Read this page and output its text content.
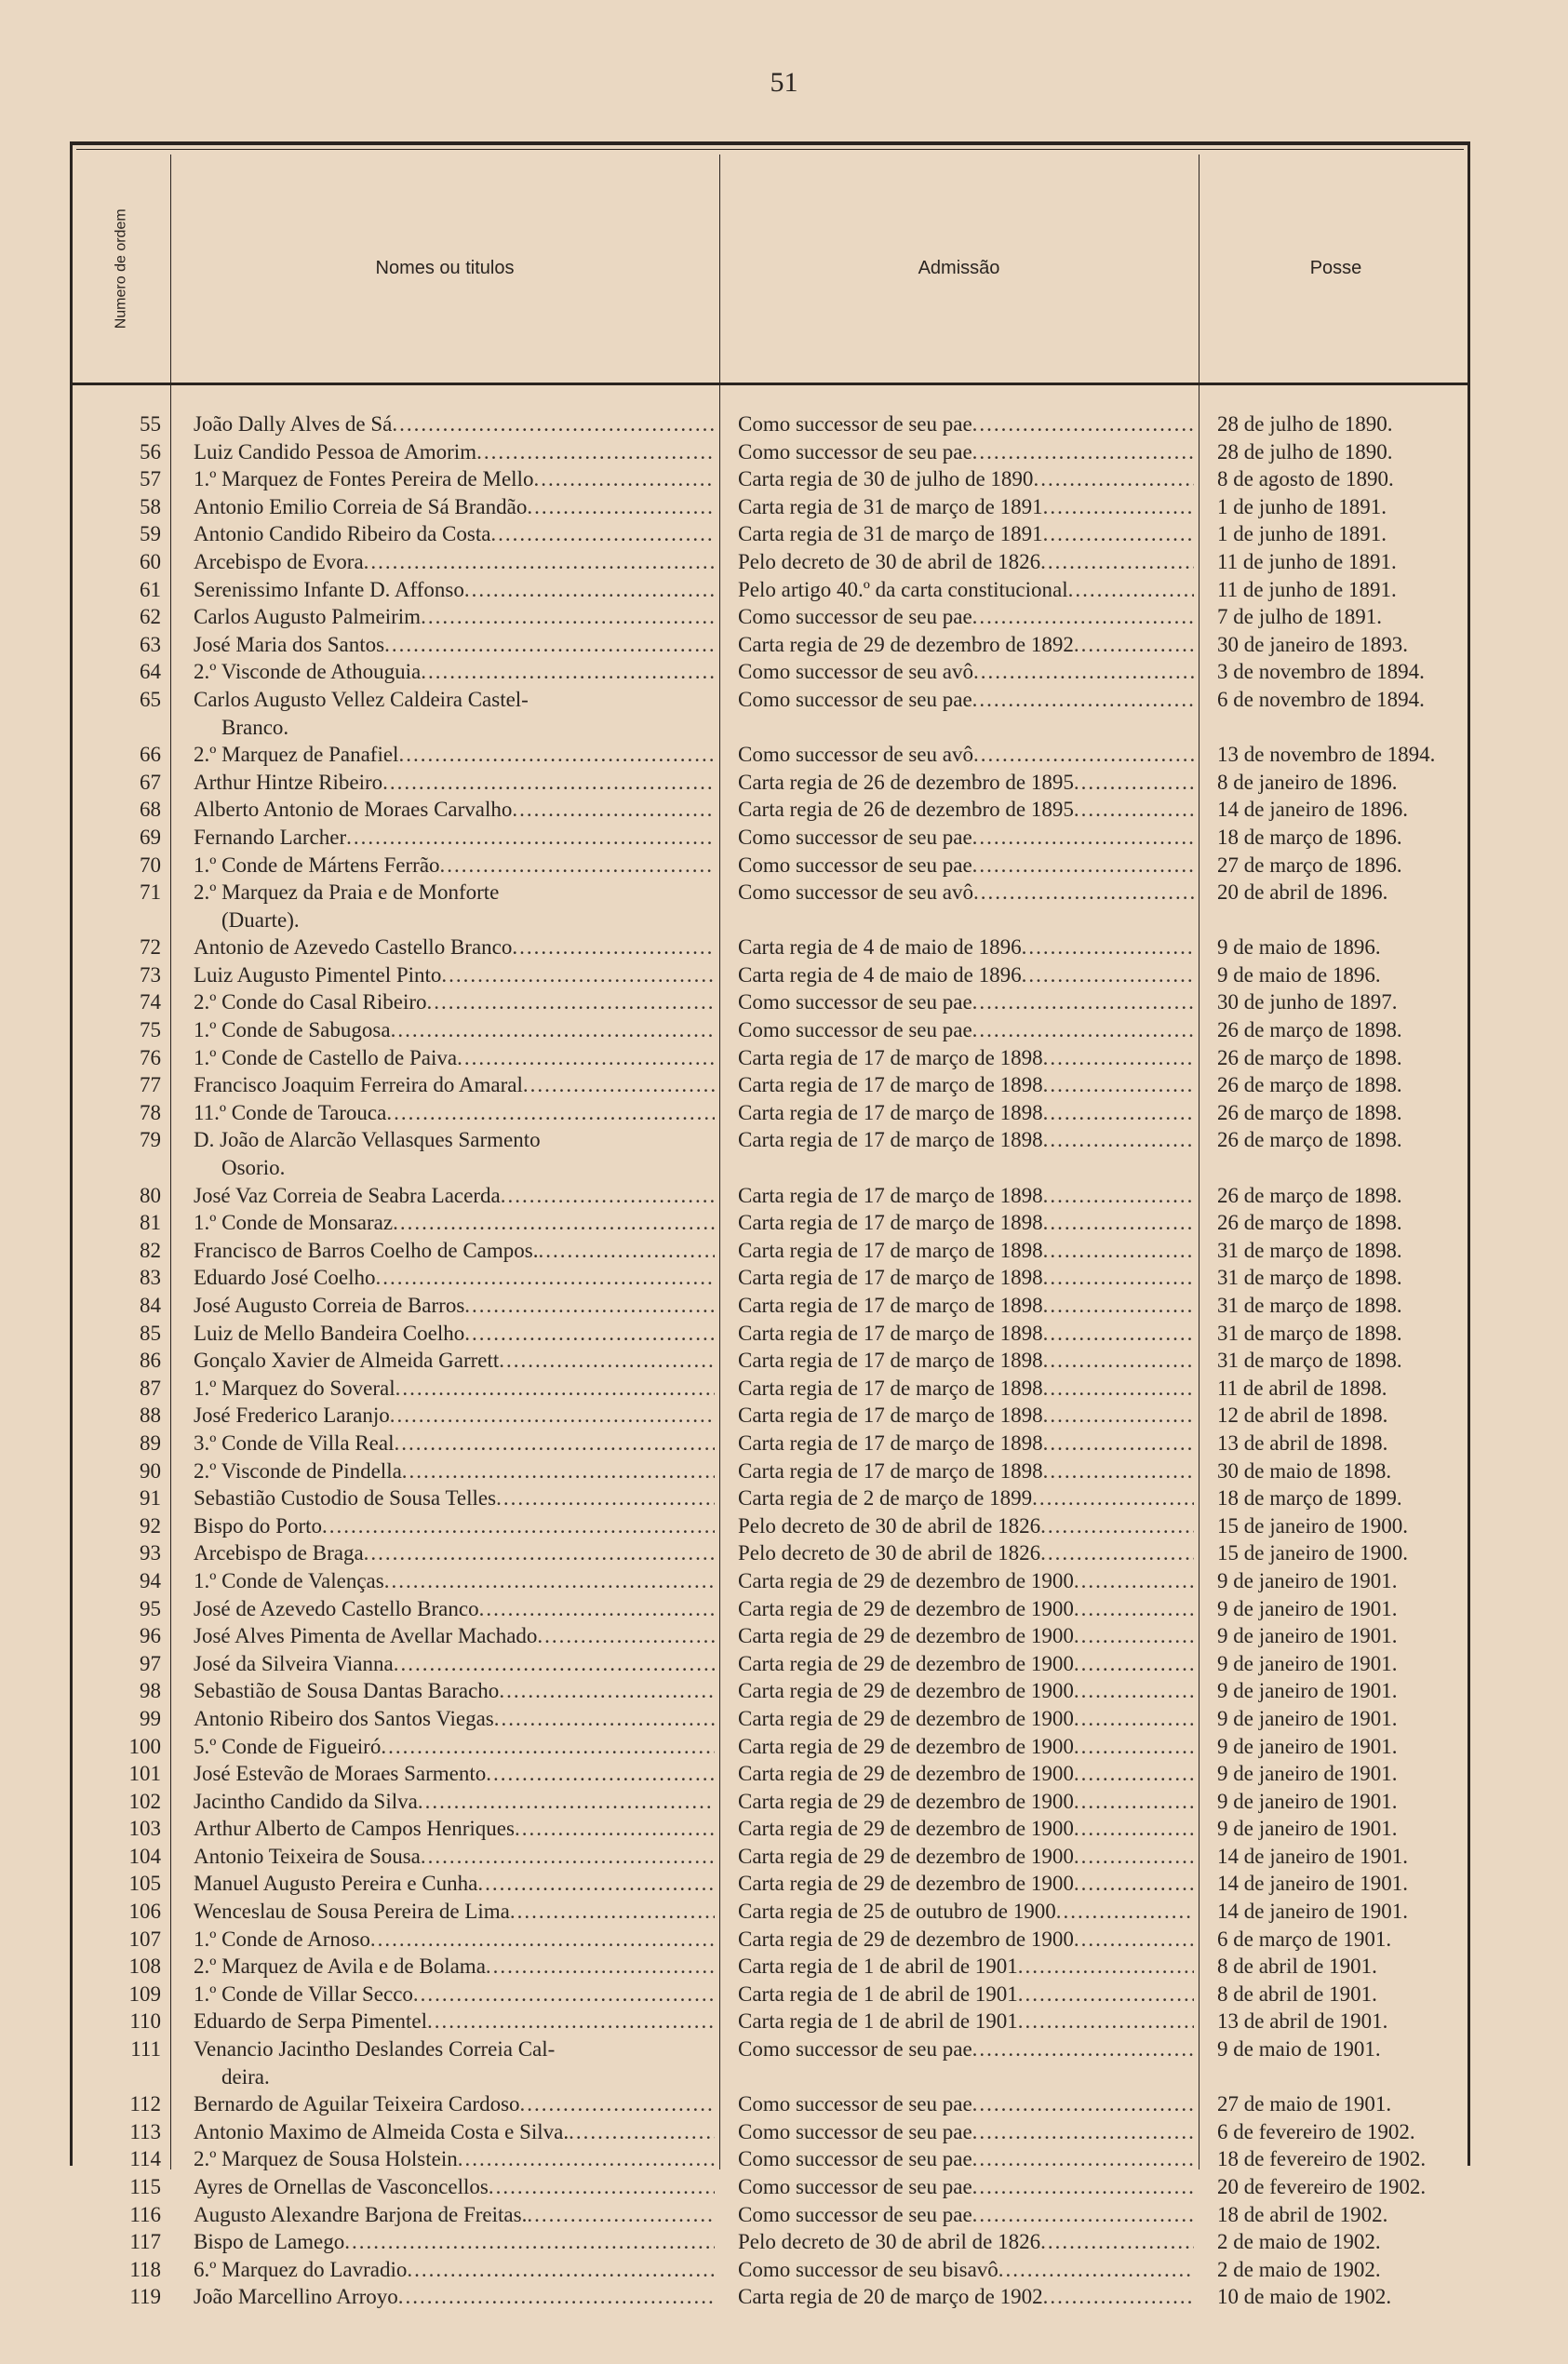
51
Numero de ordem	Nomes ou titulos	Admissão	Posse
55 João Dally Alves de Sá .....	Como successor de seu pae .....	28 de julho de 1890.
56 Luiz Candido Pessoa de Amorim .....	Como successor de seu pae .....	28 de julho de 1890.
57 1.º Marquez de Fontes Pereira de Mello .....	Carta regia de 30 de julho de 1890 .....	8 de agosto de 1890.
58 Antonio Emilio Correia de Sá Brandão .....	Carta regia de 31 de março de 1891 .....	1 de junho de 1891.
59 Antonio Candido Ribeiro da Costa .....	Carta regia de 31 de março de 1891 .....	1 de junho de 1891.
60 Arcebispo de Evora .....	Pelo decreto de 30 de abril de 1826 .....	11 de junho de 1891.
61 Serenissimo Infante D. Affonso .....	Pelo artigo 40.º da carta constitucional .....	11 de junho de 1891.
62 Carlos Augusto Palmeirim .....	Como successor de seu pae .....	7 de julho de 1891.
63 José Maria dos Santos .....	Carta regia de 29 de dezembro de 1892 .....	30 de janeiro de 1893.
64 2.º Visconde de Athouguia .....	Como successor de seu avô .....	3 de novembro de 1894.
65 Carlos Augusto Vellez Caldeira Castel-
Branco.
Como successor de seu pae .....	6 de novembro de 1894.
66 2.º Marquez de Panafiel .....	Como successor de seu avô .....	13 de novembro de 1894.
67 Arthur Hintze Ribeiro .....	Carta regia de 26 de dezembro de 1895 .....	8 de janeiro de 1896.
68 Alberto Antonio de Moraes Carvalho .....	Carta regia de 26 de dezembro de 1895 .....	14 de janeiro de 1896.
69 Fernando Larcher .....	Como successor de seu pae .....	18 de março de 1896.
70 1.º Conde de Mártens Ferrão .....	Como successor de seu pae .....	27 de março de 1896.
71 2.º Marquez da Praia e de Monforte
(Duarte).
Como successor de seu avô .....	20 de abril de 1896.
72 Antonio de Azevedo Castello Branco .....	Carta regia de 4 de maio de 1896 .....	9 de maio de 1896.
73 Luiz Augusto Pimentel Pinto .....	Carta regia de 4 de maio de 1896 .....	9 de maio de 1896.
74 2.º Conde do Casal Ribeiro .....	Como successor de seu pae .....	30 de junho de 1897.
75 1.º Conde de Sabugosa .....	Como successor de seu pae .....	26 de março de 1898.
76 1.º Conde de Castello de Paiva .....	Carta regia de 17 de março de 1898 .....	26 de março de 1898.
77 Francisco Joaquim Ferreira do Amaral .....	Carta regia de 17 de março de 1898 .....	26 de março de 1898.
78 11.º Conde de Tarouca .....	Carta regia de 17 de março de 1898 .....	26 de março de 1898.
79 D. João de Alarcão Vellasques Sarmento
Osorio.
Carta regia de 17 de março de 1898 .....	26 de março de 1898.
80 José Vaz Correia de Seabra Lacerda .....	Carta regia de 17 de março de 1898 .....	26 de março de 1898.
81 1.º Conde de Monsaraz .....	Carta regia de 17 de março de 1898 .....	26 de março de 1898.
82 Francisco de Barros Coelho de Campos. .....	Carta regia de 17 de março de 1898 .....	31 de março de 1898.
83 Eduardo José Coelho .....	Carta regia de 17 de março de 1898 .....	31 de março de 1898.
84 José Augusto Correia de Barros .....	Carta regia de 17 de março de 1898 .....	31 de março de 1898.
85 Luiz de Mello Bandeira Coelho .....	Carta regia de 17 de março de 1898 .....	31 de março de 1898.
86 Gonçalo Xavier de Almeida Garrett .....	Carta regia de 17 de março de 1898 .....	31 de março de 1898.
87 1.º Marquez do Soveral .....	Carta regia de 17 de março de 1898 .....	11 de abril de 1898.
88 José Frederico Laranjo .....	Carta regia de 17 de março de 1898 .....	12 de abril de 1898.
89 3.º Conde de Villa Real .....	Carta regia de 17 de março de 1898 .....	13 de abril de 1898.
90 2.º Visconde de Pindella .....	Carta regia de 17 de março de 1898 .....	30 de maio de 1898.
91 Sebastião Custodio de Sousa Telles .....	Carta regia de 2 de março de 1899 .....	18 de março de 1899.
92 Bispo do Porto .....	Pelo decreto de 30 de abril de 1826 .....	15 de janeiro de 1900.
93 Arcebispo de Braga .....	Pelo decreto de 30 de abril de 1826 .....	15 de janeiro de 1900.
94 1.º Conde de Valenças .....	Carta regia de 29 de dezembro de 1900 .....	9 de janeiro de 1901.
95 José de Azevedo Castello Branco .....	Carta regia de 29 de dezembro de 1900 .....	9 de janeiro de 1901.
96 José Alves Pimenta de Avellar Machado .....	Carta regia de 29 de dezembro de 1900 .....	9 de janeiro de 1901.
97 José da Silveira Vianna .....	Carta regia de 29 de dezembro de 1900 .....	9 de janeiro de 1901.
98 Sebastião de Sousa Dantas Baracho .....	Carta regia de 29 de dezembro de 1900 .....	9 de janeiro de 1901.
99 Antonio Ribeiro dos Santos Viegas .....	Carta regia de 29 de dezembro de 1900 .....	9 de janeiro de 1901.
100 5.º Conde de Figueiró .....	Carta regia de 29 de dezembro de 1900 .....	9 de janeiro de 1901.
101 José Estevão de Moraes Sarmento .....	Carta regia de 29 de dezembro de 1900 .....	9 de janeiro de 1901.
102 Jacintho Candido da Silva .....	Carta regia de 29 de dezembro de 1900 .....	9 de janeiro de 1901.
103 Arthur Alberto de Campos Henriques .....	Carta regia de 29 de dezembro de 1900 .....	9 de janeiro de 1901.
104 Antonio Teixeira de Sousa .....	Carta regia de 29 de dezembro de 1900 .....	14 de janeiro de 1901.
105 Manuel Augusto Pereira e Cunha .....	Carta regia de 29 de dezembro de 1900 .....	14 de janeiro de 1901.
106 Wenceslau de Sousa Pereira de Lima .....	Carta regia de 25 de outubro de 1900 .....	14 de janeiro de 1901.
107 1.º Conde de Arnoso .....	Carta regia de 29 de dezembro de 1900 .....	6 de março de 1901.
108 2.º Marquez de Avila e de Bolama .....	Carta regia de 1 de abril de 1901 .....	8 de abril de 1901.
109 1.º Conde de Villar Secco .....	Carta regia de 1 de abril de 1901 .....	8 de abril de 1901.
110 Eduardo de Serpa Pimentel .....	Carta regia de 1 de abril de 1901 .....	13 de abril de 1901.
111 Venancio Jacintho Deslandes Correia Cal-
deira.
Como successor de seu pae .....	9 de maio de 1901.
112 Bernardo de Aguilar Teixeira Cardoso .....	Como successor de seu pae .....	27 de maio de 1901.
113 Antonio Maximo de Almeida Costa e Silva. .....	Como successor de seu pae .....	6 de fevereiro de 1902.
114 2.º Marquez de Sousa Holstein .....	Como successor de seu pae .....	18 de fevereiro de 1902.
115 Ayres de Ornellas de Vasconcellos .....	Como successor de seu pae .....	20 de fevereiro de 1902.
116 Augusto Alexandre Barjona de Freitas. .....	Como successor de seu pae .....	18 de abril de 1902.
117 Bispo de Lamego .....	Pelo decreto de 30 de abril de 1826 .....	2 de maio de 1902.
118 6.º Marquez do Lavradio .....	Como successor de seu bisavô .....	2 de maio de 1902.
119 João Marcellino Arroyo .....	Carta regia de 20 de março de 1902 .....	10 de maio de 1902.
